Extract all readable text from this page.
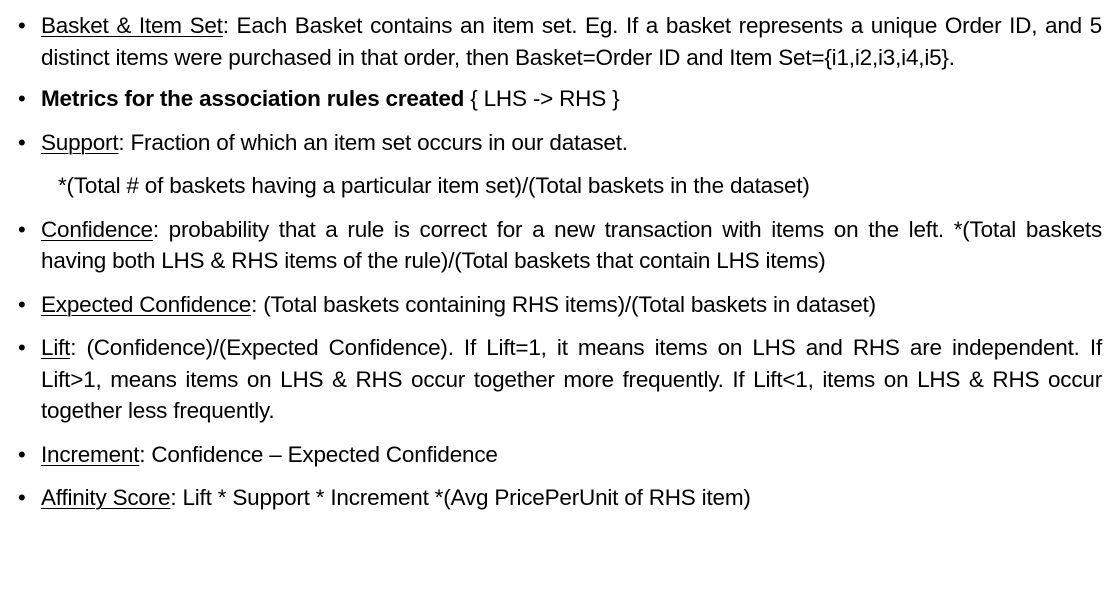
• Basket & Item Set: Each Basket contains an item set. Eg. If a basket represents a unique Order ID, and 5 distinct items were purchased in that order, then Basket=Order ID and Item Set={i1,i2,i3,i4,i5}.
• Metrics for the association rules created { LHS -> RHS }
• Support: Fraction of which an item set occurs in our dataset.
*(Total # of baskets having a particular item set)/(Total baskets in the dataset)
• Confidence: probability that a rule is correct for a new transaction with items on the left. *(Total baskets having both LHS & RHS items of the rule)/(Total baskets that contain LHS items)
• Expected Confidence: (Total baskets containing RHS items)/(Total baskets in dataset)
• Lift: (Confidence)/(Expected Confidence). If Lift=1, it means items on LHS and RHS are independent. If Lift>1, means items on LHS & RHS occur together more frequently. If Lift<1, items on LHS & RHS occur together less frequently.
• Increment: Confidence – Expected Confidence
• Affinity Score: Lift * Support * Increment *(Avg PricePerUnit of RHS item)
